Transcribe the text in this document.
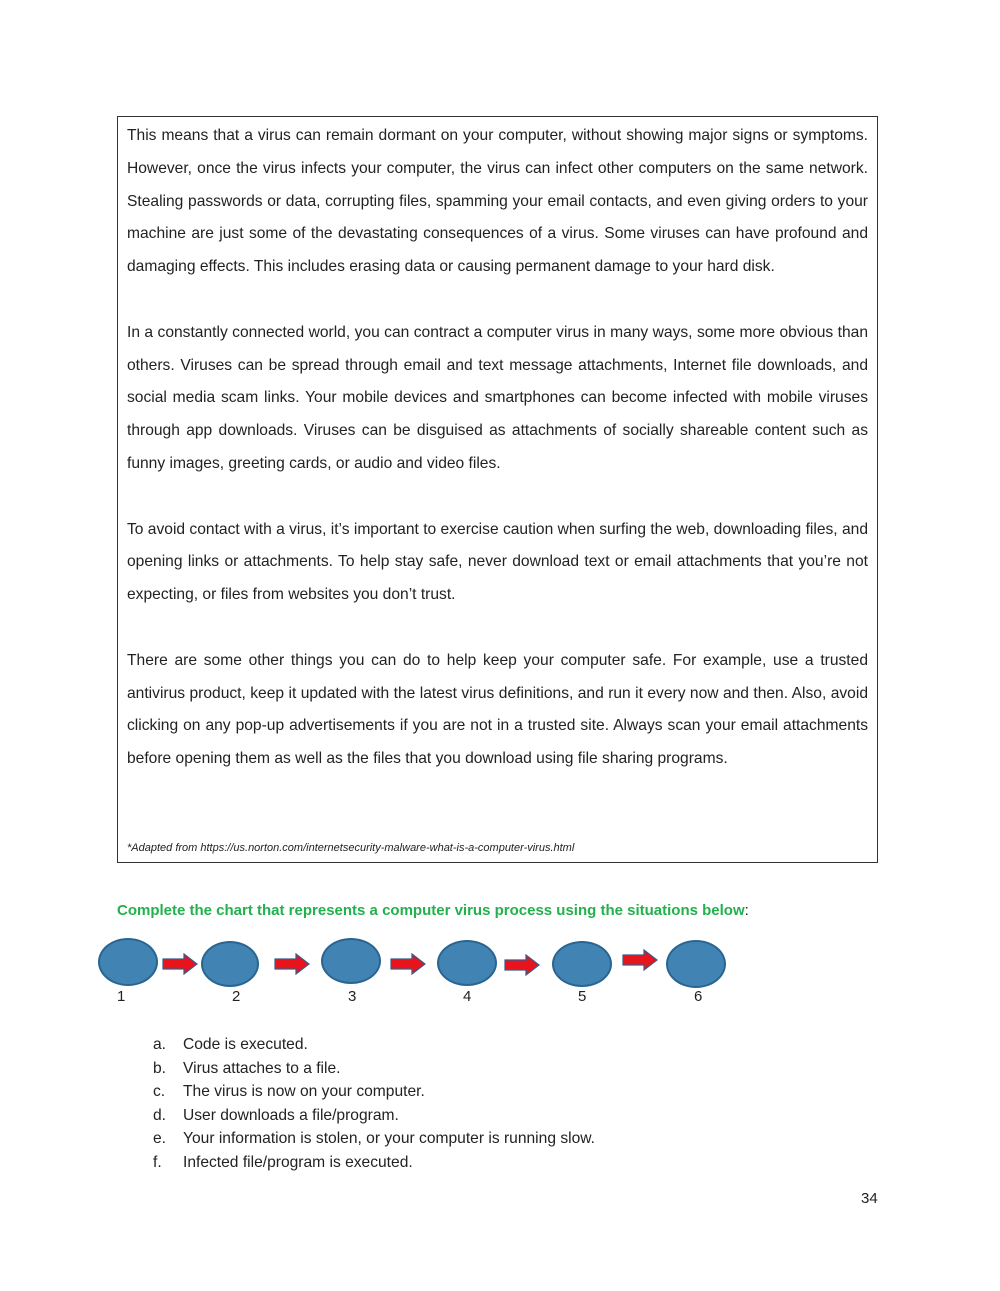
This means that a virus can remain dormant on your computer, without showing major signs or symptoms. However, once the virus infects your computer, the virus can infect other computers on the same network. Stealing passwords or data, corrupting files, spamming your email contacts, and even giving orders to your machine are just some of the devastating consequences of a virus. Some viruses can have profound and damaging effects. This includes erasing data or causing permanent damage to your hard disk.

In a constantly connected world, you can contract a computer virus in many ways, some more obvious than others. Viruses can be spread through email and text message attachments, Internet file downloads, and social media scam links. Your mobile devices and smartphones can become infected with mobile viruses through app downloads. Viruses can be disguised as attachments of socially shareable content such as funny images, greeting cards, or audio and video files.

To avoid contact with a virus, it’s important to exercise caution when surfing the web, downloading files, and opening links or attachments. To help stay safe, never download text or email attachments that you’re not expecting, or files from websites you don’t trust.

There are some other things you can do to help keep your computer safe. For example, use a trusted antivirus product, keep it updated with the latest virus definitions, and run it every now and then. Also, avoid clicking on any pop-up advertisements if you are not in a trusted site. Always scan your email attachments before opening them as well as the files that you download using file sharing programs.

*Adapted from https://us.norton.com/internetsecurity-malware-what-is-a-computer-virus.html
Complete the chart that represents a computer virus process using the situations below:
1	2	3	4	5	6
a. Code is executed.
b. Virus attaches to a file.
c. The virus is now on your computer.
d. User downloads a file/program.
e. Your information is stolen, or your computer is running slow.
f. Infected file/program is executed.
34
